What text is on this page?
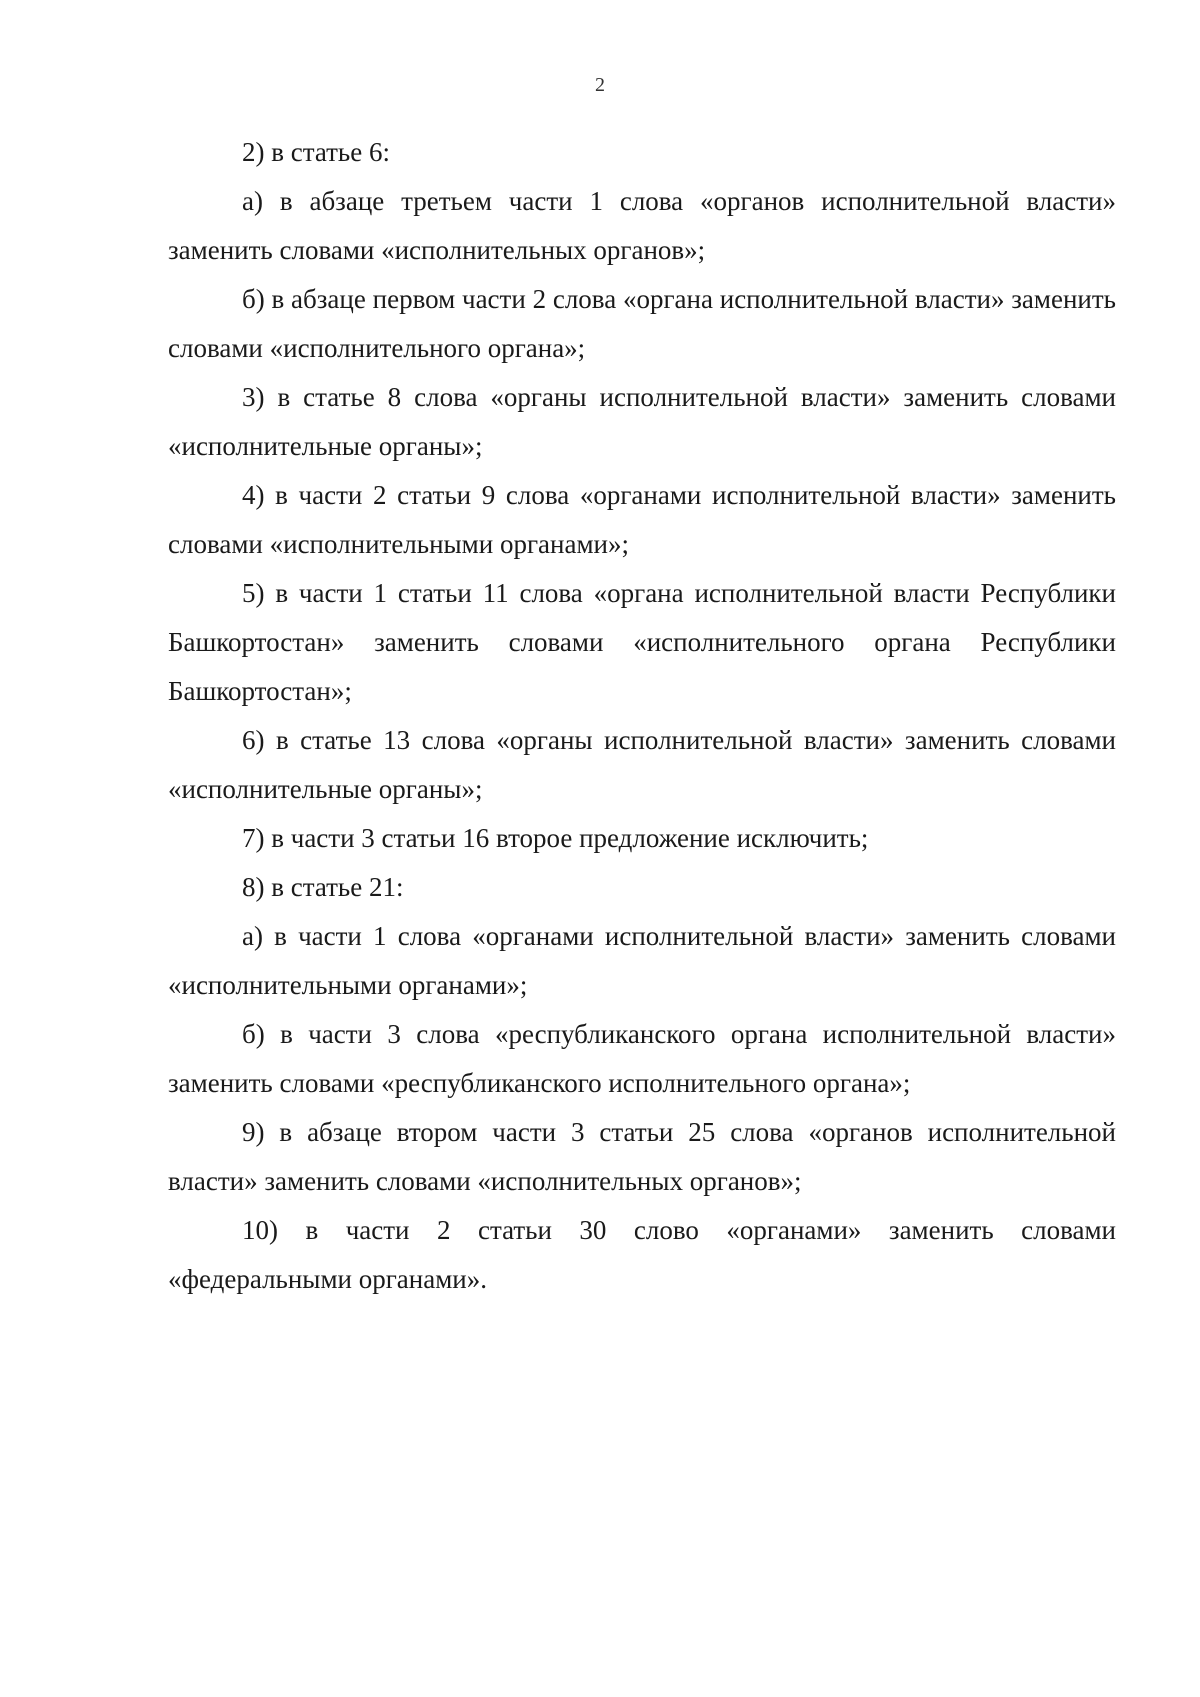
2

2) в статье 6:

а) в абзаце третьем части 1 слова «органов исполнительной власти» заменить словами «исполнительных органов»;

б) в абзаце первом части 2 слова «органа исполнительной власти» заменить словами «исполнительного органа»;

3) в статье 8 слова «органы исполнительной власти» заменить словами «исполнительные органы»;

4) в части 2 статьи 9 слова «органами исполнительной власти» заменить словами «исполнительными органами»;

5) в части 1 статьи 11 слова «органа исполнительной власти Республики Башкортостан» заменить словами «исполнительного органа Республики Башкортостан»;

6) в статье 13 слова «органы исполнительной власти» заменить словами «исполнительные органы»;

7) в части 3 статьи 16 второе предложение исключить;

8) в статье 21:

а) в части 1 слова «органами исполнительной власти» заменить словами «исполнительными органами»;

б) в части 3 слова «республиканского органа исполнительной власти» заменить словами «республиканского исполнительного органа»;

9) в абзаце втором части 3 статьи 25 слова «органов исполнительной власти» заменить словами «исполнительных органов»;

10) в части 2 статьи 30 слово «органами» заменить словами «федеральными органами».
